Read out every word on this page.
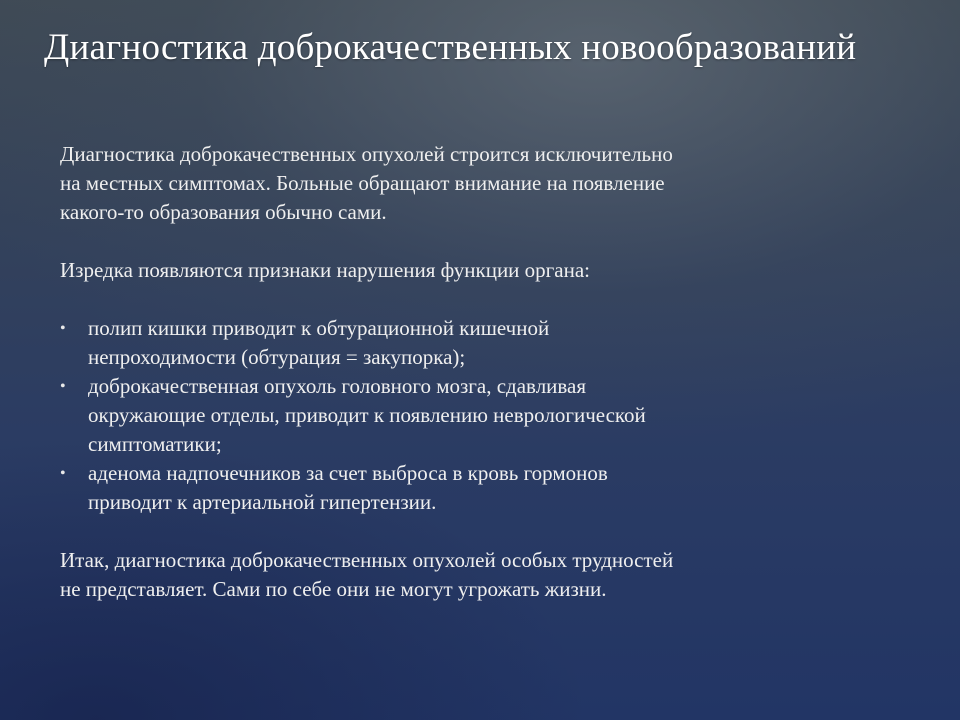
Диагностика доброкачественных новообразований

Диагностика доброкачественных опухолей строится исключительно
на местных симптомах. Больные обращают внимание на появление
какого-то образования обычно сами.

Изредка появляются признаки нарушения функции органа:

• полип кишки приводит к обтурационной кишечной
непроходимости (обтурация = закупорка);
• доброкачественная опухоль головного мозга, сдавливая
окружающие отделы, приводит к появлению неврологической
симптоматики;
• аденома надпочечников за счет выброса в кровь гормонов
приводит к артериальной гипертензии.

Итак, диагностика доброкачественных опухолей особых трудностей
не представляет. Сами по себе они не могут угрожать жизни.
